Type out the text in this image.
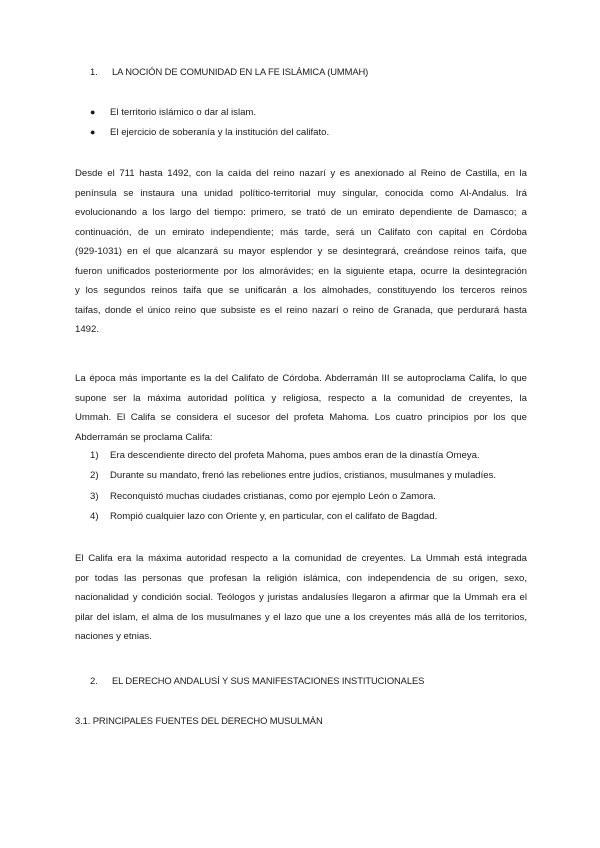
1. LA NOCIÓN DE COMUNIDAD EN LA FE ISLÁMICA (UMMAH)
● El territorio islámico o dar al islam.
● El ejercicio de soberanía y la institución del califato.
Desde el 711 hasta 1492, con la caída del reino nazarí y es anexionado al Reino de Castilla, en la
península se instaura una unidad político-territorial muy singular, conocida como Al-Andalus. Irá
evolucionando a los largo del tiempo: primero, se trató de un emirato dependiente de Damasco; a
continuación, de un emirato independiente; más tarde, será un Califato con capital en Córdoba
(929-1031) en el que alcanzará su mayor esplendor y se desintegrará, creándose reinos taifa, que
fueron unificados posteriormente por los almorávides; en la siguiente etapa, ocurre la desintegración
y los segundos reinos taifa que se unificarán a los almohades, constituyendo los terceros reinos
taifas, donde el único reino que subsiste es el reino nazarí o reino de Granada, que perdurará hasta
1492.
La época más importante es la del Califato de Córdoba. Abderramán III se autoproclama Califa, lo que
supone ser la máxima autoridad política y religiosa, respecto a la comunidad de creyentes, la
Ummah. El Califa se considera el sucesor del profeta Mahoma. Los cuatro principios por los que
Abderramán se proclama Califa:
1) Era descendiente directo del profeta Mahoma, pues ambos eran de la dinastía Omeya.
2) Durante su mandato, frenó las rebeliones entre judíos, cristianos, musulmanes y muladíes.
3) Reconquistó muchas ciudades cristianas, como por ejemplo León o Zamora.
4) Rompió cualquier lazo con Oriente y, en particular, con el califato de Bagdad.
El Califa era la máxima autoridad respecto a la comunidad de creyentes. La Ummah está integrada
por todas las personas que profesan la religión islámica, con independencia de su origen, sexo,
nacionalidad y condición social. Teólogos y juristas andalusíes llegaron a afirmar que la Ummah era el
pilar del islam, el alma de los musulmanes y el lazo que une a los creyentes más allá de los territorios,
naciones y etnias.
2. EL DERECHO ANDALUSÍ Y SUS MANIFESTACIONES INSTITUCIONALES
3.1. PRINCIPALES FUENTES DEL DERECHO MUSULMÁN
